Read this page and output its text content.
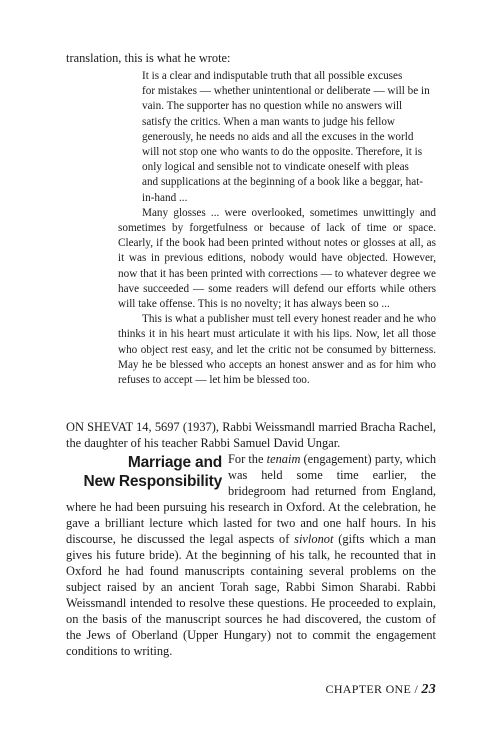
translation, this is what he wrote:

It is a clear and indisputable truth that all possible excuses
for mistakes — whether unintentional or deliberate — will be in
vain. The supporter has no question while no answers will
satisfy the critics. When a man wants to judge his fellow
generously, he needs no aids and all the excuses in the world
will not stop one who wants to do the opposite. Therefore, it is
only logical and sensible not to vindicate oneself with pleas
and supplications at the beginning of a book like a beggar, hat-
in-hand ...

Many glosses ... were overlooked, sometimes unwittingly and sometimes by forgetfulness or because of lack of time or space. Clearly, if the book had been printed without notes or glosses at all, as it was in previous editions, nobody would have objected. However, now that it has been printed with corrections — to whatever degree we have succeeded — some readers will defend our efforts while others will take offense. This is no novelty; it has always been so ...

This is what a publisher must tell every honest reader and he who thinks it in his heart must articulate it with his lips. Now, let all those who object rest easy, and let the critic not be consumed by bitterness. May he be blessed who accepts an honest answer and as for him who refuses to accept — let him be blessed too.

ON SHEVAT 14, 5697 (1937), Rabbi Weissmandl married Bracha Rachel, the daughter of his teacher Rabbi Samuel David Ungar.

Marriage and
New Responsibility

For the tenaim (engagement) party, which was held some time earlier, the bridegroom had returned from England, where he had been pursuing his research in Oxford. At the celebration, he gave a brilliant lecture which lasted for two and one half hours. In his discourse, he discussed the legal aspects of sivlonot (gifts which a man gives his future bride). At the beginning of his talk, he recounted that in Oxford he had found manuscripts containing several problems on the subject raised by an ancient Torah sage, Rabbi Simon Sharabi. Rabbi Weissmandl intended to resolve these questions. He proceeded to explain, on the basis of the manuscript sources he had discovered, the custom of the Jews of Oberland (Upper Hungary) not to commit the engagement conditions to writing.

CHAPTER ONE / 23
